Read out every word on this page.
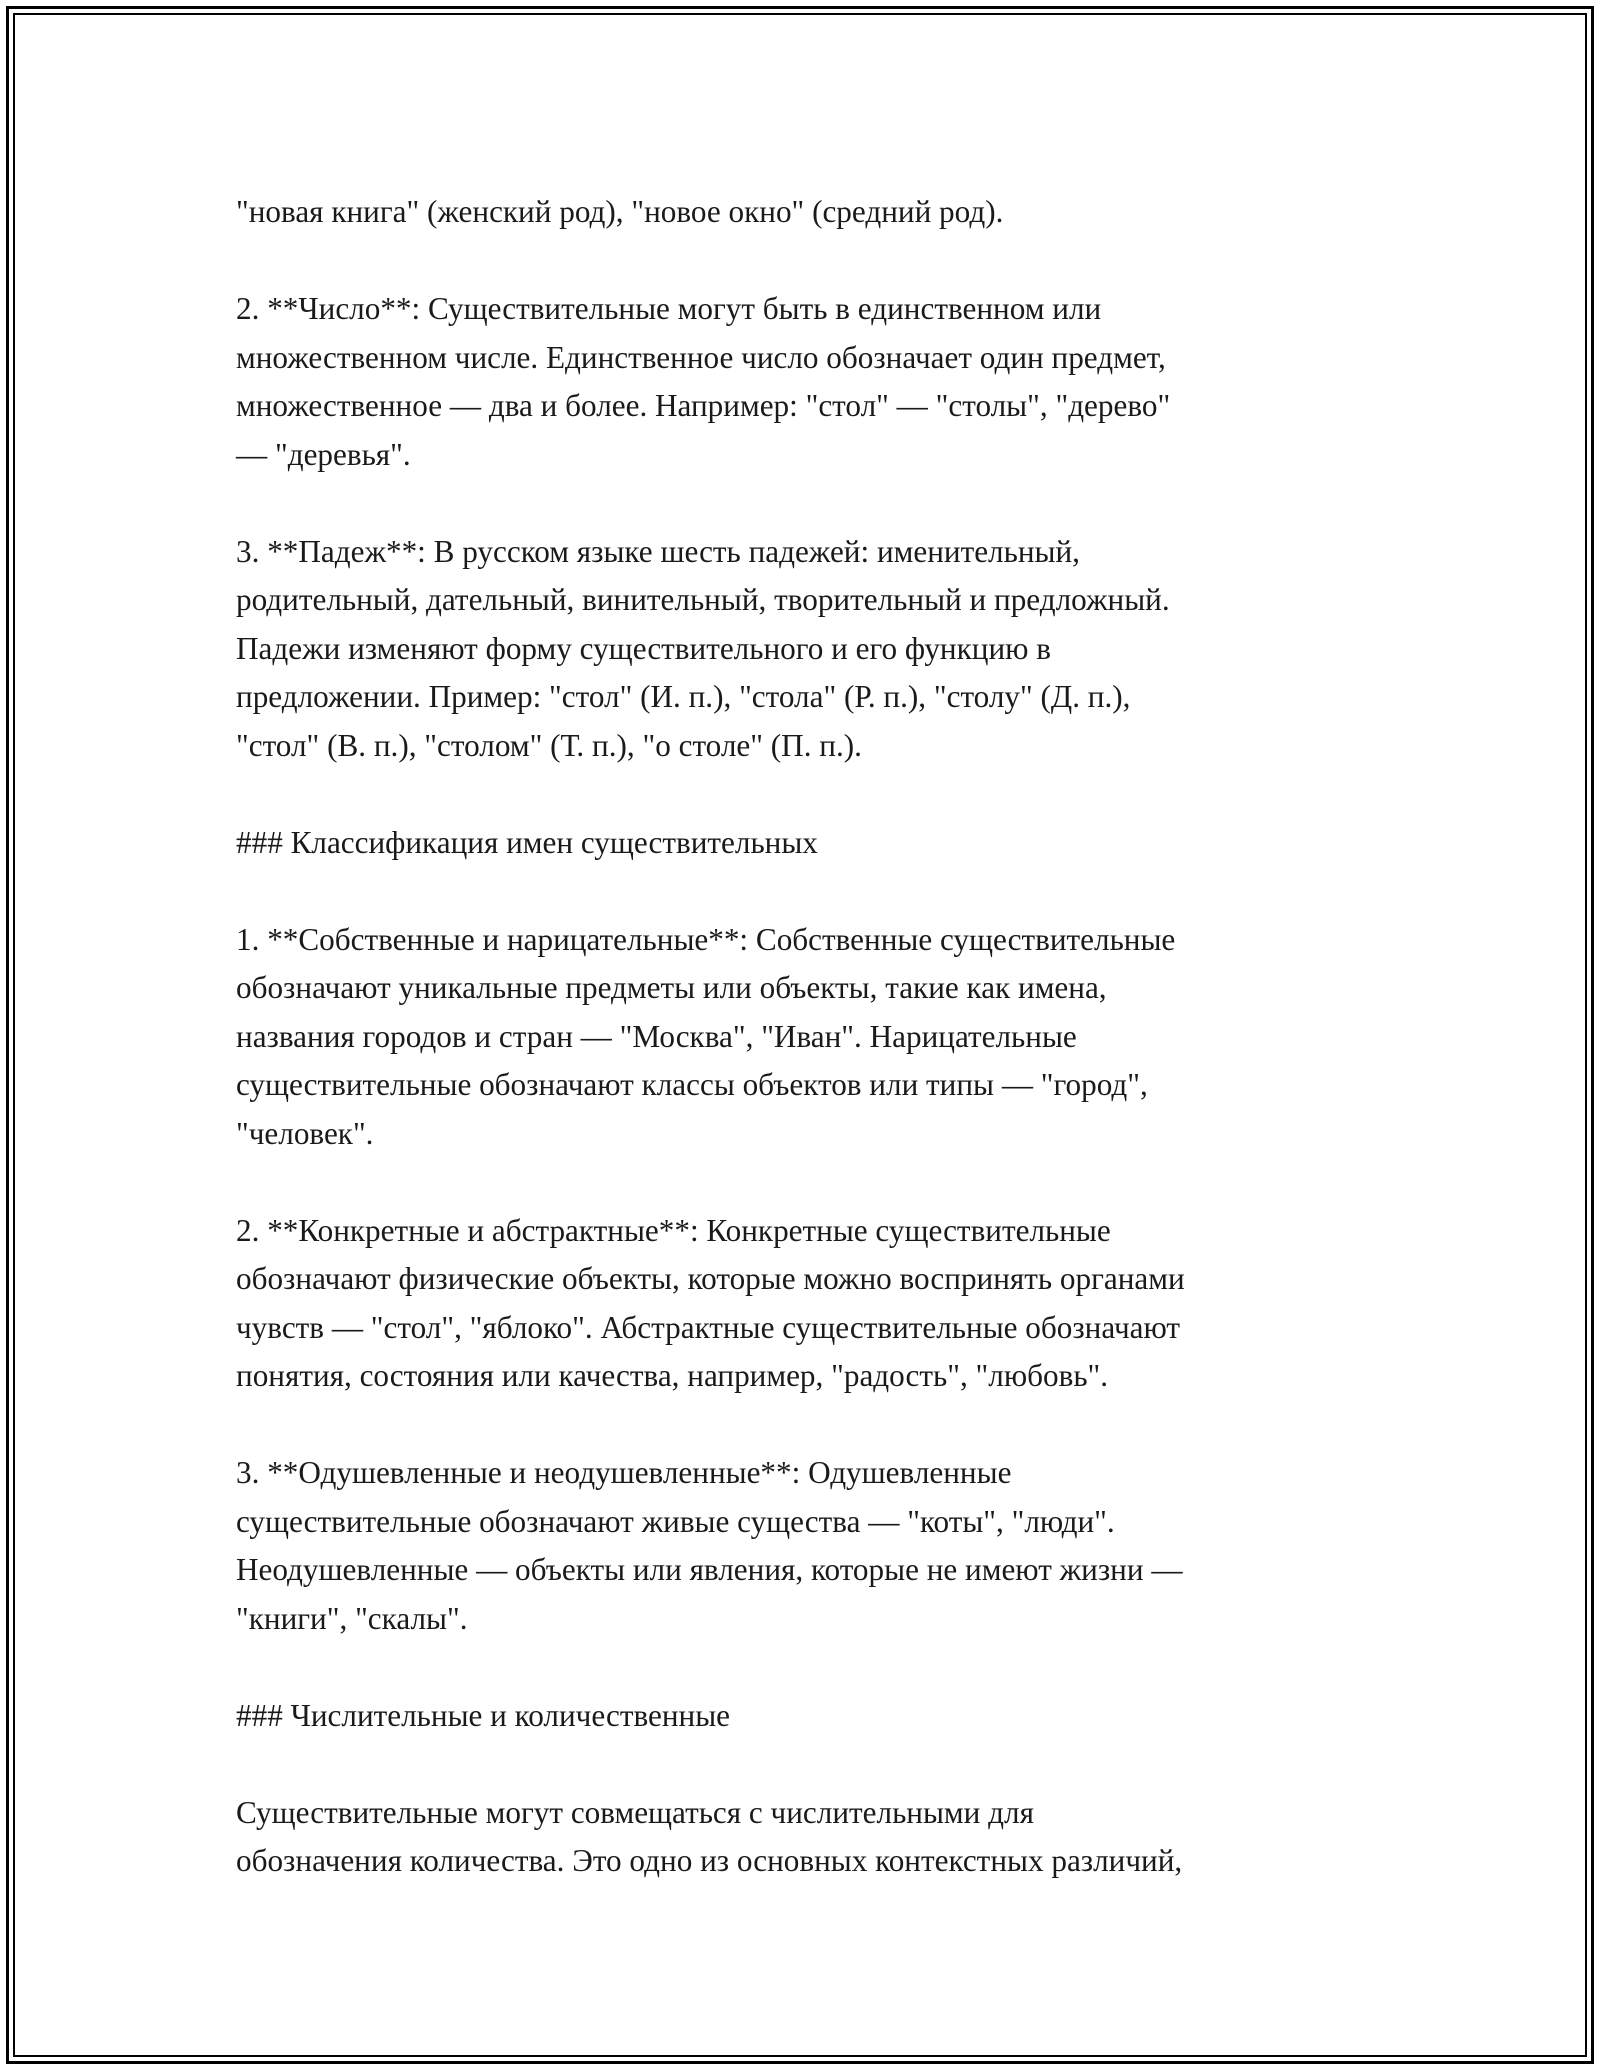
"новая книга" (женский род), "новое окно" (средний род).

2. **Число**: Существительные могут быть в единственном или
множественном числе. Единственное число обозначает один предмет,
множественное — два и более. Например: "стол" — "столы", "дерево"
— "деревья".

3. **Падеж**: В русском языке шесть падежей: именительный,
родительный, дательный, винительный, творительный и предложный.
Падежи изменяют форму существительного и его функцию в
предложении. Пример: "стол" (И. п.), "стола" (Р. п.), "столу" (Д. п.),
"стол" (В. п.), "столом" (Т. п.), "о столе" (П. п.).

### Классификация имен существительных

1. **Собственные и нарицательные**: Собственные существительные
обозначают уникальные предметы или объекты, такие как имена,
названия городов и стран — "Москва", "Иван". Нарицательные
существительные обозначают классы объектов или типы — "город",
"человек".

2. **Конкретные и абстрактные**: Конкретные существительные
обозначают физические объекты, которые можно воспринять органами
чувств — "стол", "яблоко". Абстрактные существительные обозначают
понятия, состояния или качества, например, "радость", "любовь".

3. **Одушевленные и неодушевленные**: Одушевленные
существительные обозначают живые существа — "коты", "люди".
Неодушевленные — объекты или явления, которые не имеют жизни —
"книги", "скалы".

### Числительные и количественные

Существительные могут совмещаться с числительными для
обозначения количества. Это одно из основных контекстных различий,
